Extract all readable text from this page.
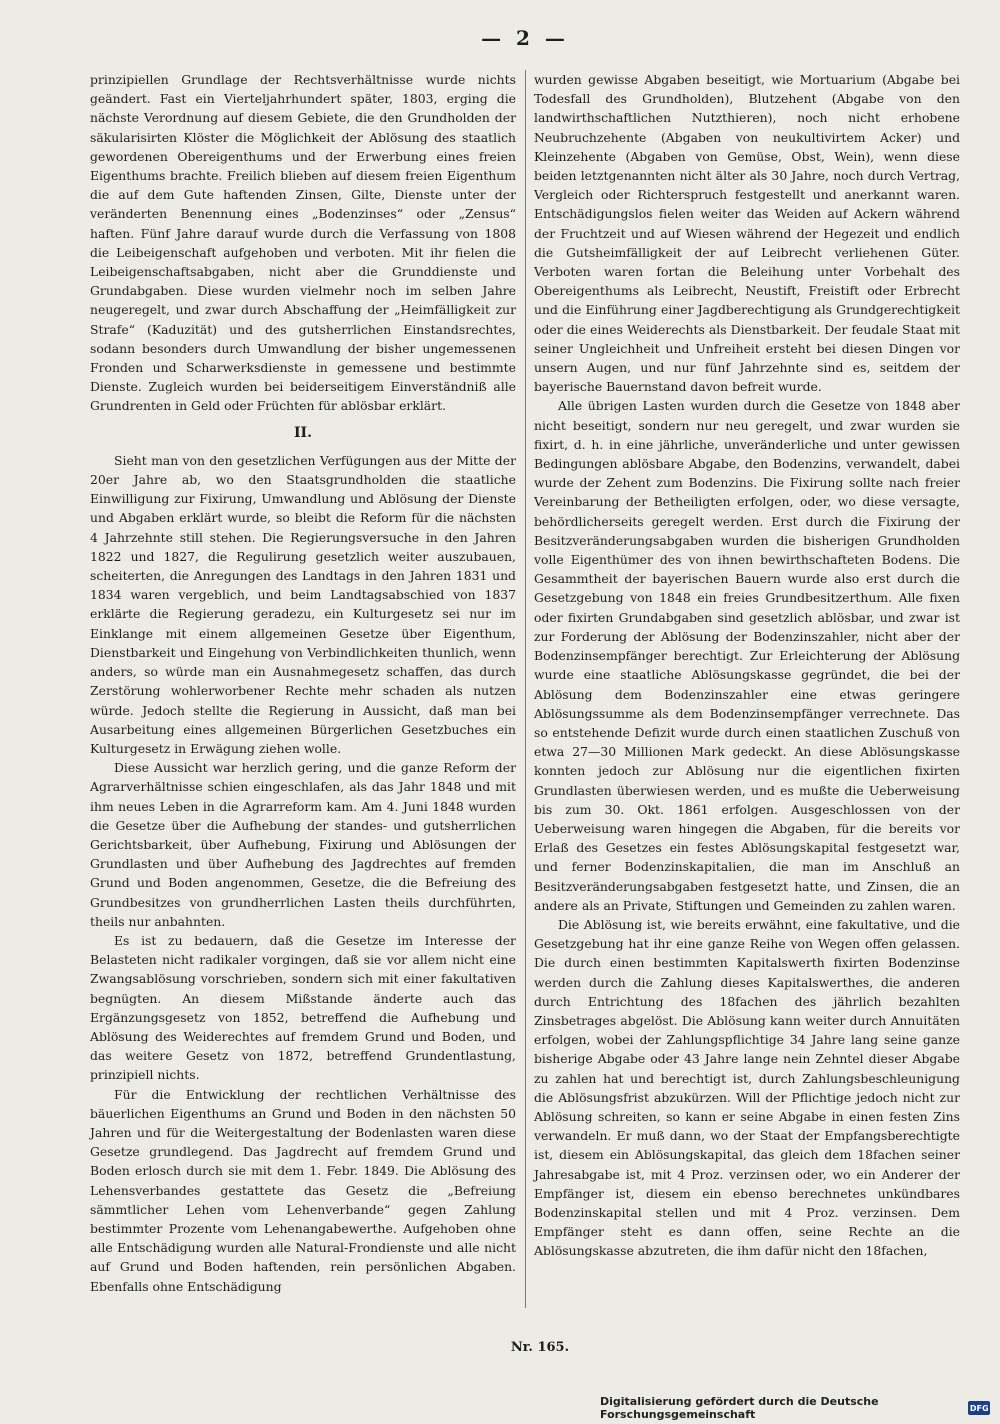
— 2 —

prinzipiellen Grundlage der Rechtsverhältnisse wurde nichts geändert. Fast ein Vierteljahrhundert später, 1803, erging die nächste Verordnung auf diesem Gebiete, die den Grundholden der säkularisirten Klöster die Möglichkeit der Ablösung des staatlich gewordenen Obereigenthums und der Erwerbung eines freien Eigenthums brachte. Freilich blieben auf diesem freien Eigenthum die auf dem Gute haftenden Zinsen, Gilte, Dienste unter der veränderten Benennung eines „Bodenzinses“ oder „Zensus“ haften. Fünf Jahre darauf wurde durch die Verfassung von 1808 die Leibeigenschaft aufgehoben und verboten. Mit ihr fielen die Leibeigenschaftsabgaben, nicht aber die Grunddienste und Grundabgaben. Diese wurden vielmehr noch im selben Jahre neugeregelt, und zwar durch Abschaffung der „Heimfälligkeit zur Strafe“ (Kaduzität) und des gutsherrlichen Einstandsrechtes, sodann besonders durch Umwandlung der bisher ungemessenen Fronden und Scharwerksdienste in gemessene und bestimmte Dienste. Zugleich wurden bei beiderseitigem Einverständniß alle Grundrenten in Geld oder Früchten für ablösbar erklärt.

II.

Sieht man von den gesetzlichen Verfügungen aus der Mitte der 20er Jahre ab, wo den Staatsgrundholden die staatliche Einwilligung zur Fixirung, Umwandlung und Ablösung der Dienste und Abgaben erklärt wurde, so bleibt die Reform für die nächsten 4 Jahrzehnte still stehen. Die Regierungsversuche in den Jahren 1822 und 1827, die Regulirung gesetzlich weiter auszubauen, scheiterten, die Anregungen des Landtags in den Jahren 1831 und 1834 waren vergeblich, und beim Landtagsabschied von 1837 erklärte die Regierung geradezu, ein Kulturgesetz sei nur im Einklange mit einem allgemeinen Gesetze über Eigenthum, Dienstbarkeit und Eingehung von Verbindlichkeiten thunlich, wenn anders, so würde man ein Ausnahmegesetz schaffen, das durch Zerstörung wohlerworbener Rechte mehr schaden als nutzen würde. Jedoch stellte die Regierung in Aussicht, daß man bei Ausarbeitung eines allgemeinen Bürgerlichen Gesetzbuches ein Kulturgesetz in Erwägung ziehen wolle.

Diese Aussicht war herzlich gering, und die ganze Reform der Agrarverhältnisse schien eingeschlafen, als das Jahr 1848 und mit ihm neues Leben in die Agrarreform kam. Am 4. Juni 1848 wurden die Gesetze über die Aufhebung der standes- und gutsherrlichen Gerichtsbarkeit, über Aufhebung, Fixirung und Ablösungen der Grundlasten und über Aufhebung des Jagdrechtes auf fremden Grund und Boden angenommen, Gesetze, die die Befreiung des Grundbesitzes von grundherrlichen Lasten theils durchführten, theils nur anbahnten.

Es ist zu bedauern, daß die Gesetze im Interesse der Belasteten nicht radikaler vorgingen, daß sie vor allem nicht eine Zwangsablösung vorschrieben, sondern sich mit einer fakultativen begnügten. An diesem Mißstande änderte auch das Ergänzungsgesetz von 1852, betreffend die Aufhebung und Ablösung des Weiderechtes auf fremdem Grund und Boden, und das weitere Gesetz von 1872, betreffend Grundentlastung, prinzipiell nichts.

Für die Entwicklung der rechtlichen Verhältnisse des bäuerlichen Eigenthums an Grund und Boden in den nächsten 50 Jahren und für die Weitergestaltung der Bodenlasten waren diese Gesetze grundlegend. Das Jagdrecht auf fremdem Grund und Boden erlosch durch sie mit dem 1. Febr. 1849. Die Ablösung des Lehensverbandes gestattete das Gesetz die „Befreiung sämmtlicher Lehen vom Lehenverbande“ gegen Zahlung bestimmter Prozente vom Lehenangabewerthe. Aufgehoben ohne alle Entschädigung wurden alle Natural-Frondienste und alle nicht auf Grund und Boden haftenden, rein persönlichen Abgaben. Ebenfalls ohne Entschädigung

wurden gewisse Abgaben beseitigt, wie Mortuarium (Abgabe bei Todesfall des Grundholden), Blutzehent (Abgabe von den landwirthschaftlichen Nutzthieren), noch nicht erhobene Neubruchzehente (Abgaben von neukultivirtem Acker) und Kleinzehente (Abgaben von Gemüse, Obst, Wein), wenn diese beiden letztgenannten nicht älter als 30 Jahre, noch durch Vertrag, Vergleich oder Richterspruch festgestellt und anerkannt waren. Entschädigungslos fielen weiter das Weiden auf Ackern während der Fruchtzeit und auf Wiesen während der Hegezeit und endlich die Gutsheimfälligkeit der auf Leibrecht verliehenen Güter. Verboten waren fortan die Beleihung unter Vorbehalt des Obereigenthums als Leibrecht, Neustift, Freistift oder Erbrecht und die Einführung einer Jagdberechtigung als Grundgerechtigkeit oder die eines Weiderechts als Dienstbarkeit. Der feudale Staat mit seiner Ungleichheit und Unfreiheit ersteht bei diesen Dingen vor unsern Augen, und nur fünf Jahrzehnte sind es, seitdem der bayerische Bauernstand davon befreit wurde.

Alle übrigen Lasten wurden durch die Gesetze von 1848 aber nicht beseitigt, sondern nur neu geregelt, und zwar wurden sie fixirt, d. h. in eine jährliche, unveränderliche und unter gewissen Bedingungen ablösbare Abgabe, den Bodenzins, verwandelt, dabei wurde der Zehent zum Bodenzins. Die Fixirung sollte nach freier Vereinbarung der Betheiligten erfolgen, oder, wo diese versagte, behördlicherseits geregelt werden. Erst durch die Fixirung der Besitzveränderungsabgaben wurden die bisherigen Grundholden volle Eigenthümer des von ihnen bewirthschafteten Bodens. Die Gesammtheit der bayerischen Bauern wurde also erst durch die Gesetzgebung von 1848 ein freies Grundbesitzerthum. Alle fixen oder fixirten Grundabgaben sind gesetzlich ablösbar, und zwar ist zur Forderung der Ablösung der Bodenzinszahler, nicht aber der Bodenzinsempfänger berechtigt. Zur Erleichterung der Ablösung wurde eine staatliche Ablösungskasse gegründet, die bei der Ablösung dem Bodenzinszahler eine etwas geringere Ablösungssumme als dem Bodenzinsempfänger verrechnete. Das so entstehende Defizit wurde durch einen staatlichen Zuschuß von etwa 27—30 Millionen Mark gedeckt. An diese Ablösungskasse konnten jedoch zur Ablösung nur die eigentlichen fixirten Grundlasten überwiesen werden, und es mußte die Ueberweisung bis zum 30. Okt. 1861 erfolgen. Ausgeschlossen von der Ueberweisung waren hingegen die Abgaben, für die bereits vor Erlaß des Gesetzes ein festes Ablösungskapital festgesetzt war, und ferner Bodenzinskapitalien, die man im Anschluß an Besitzveränderungsabgaben festgesetzt hatte, und Zinsen, die an andere als an Private, Stiftungen und Gemeinden zu zahlen waren.

Die Ablösung ist, wie bereits erwähnt, eine fakultative, und die Gesetzgebung hat ihr eine ganze Reihe von Wegen offen gelassen. Die durch einen bestimmten Kapitalswerth fixirten Bodenzinse werden durch die Zahlung dieses Kapitalswerthes, die anderen durch Entrichtung des 18fachen des jährlich bezahlten Zinsbetrages abgelöst. Die Ablösung kann weiter durch Annuitäten erfolgen, wobei der Zahlungspflichtige 34 Jahre lang seine ganze bisherige Abgabe oder 43 Jahre lange nein Zehntel dieser Abgabe zu zahlen hat und berechtigt ist, durch Zahlungsbeschleunigung die Ablösungsfrist abzukürzen. Will der Pflichtige jedoch nicht zur Ablösung schreiten, so kann er seine Abgabe in einen festen Zins verwandeln. Er muß dann, wo der Staat der Empfangsberechtigte ist, diesem ein Ablösungskapital, das gleich dem 18fachen seiner Jahresabgabe ist, mit 4 Proz. verzinsen oder, wo ein Anderer der Empfänger ist, diesem ein ebenso berechnetes unkündbares Bodenzinskapital stellen und mit 4 Proz. verzinsen. Dem Empfänger steht es dann offen, seine Rechte an die Ablösungskasse abzutreten, die ihm dafür nicht den 18fachen,

Nr. 165.
Digitalisierung gefördert durch die Deutsche Forschungsgemeinschaft	DFG
